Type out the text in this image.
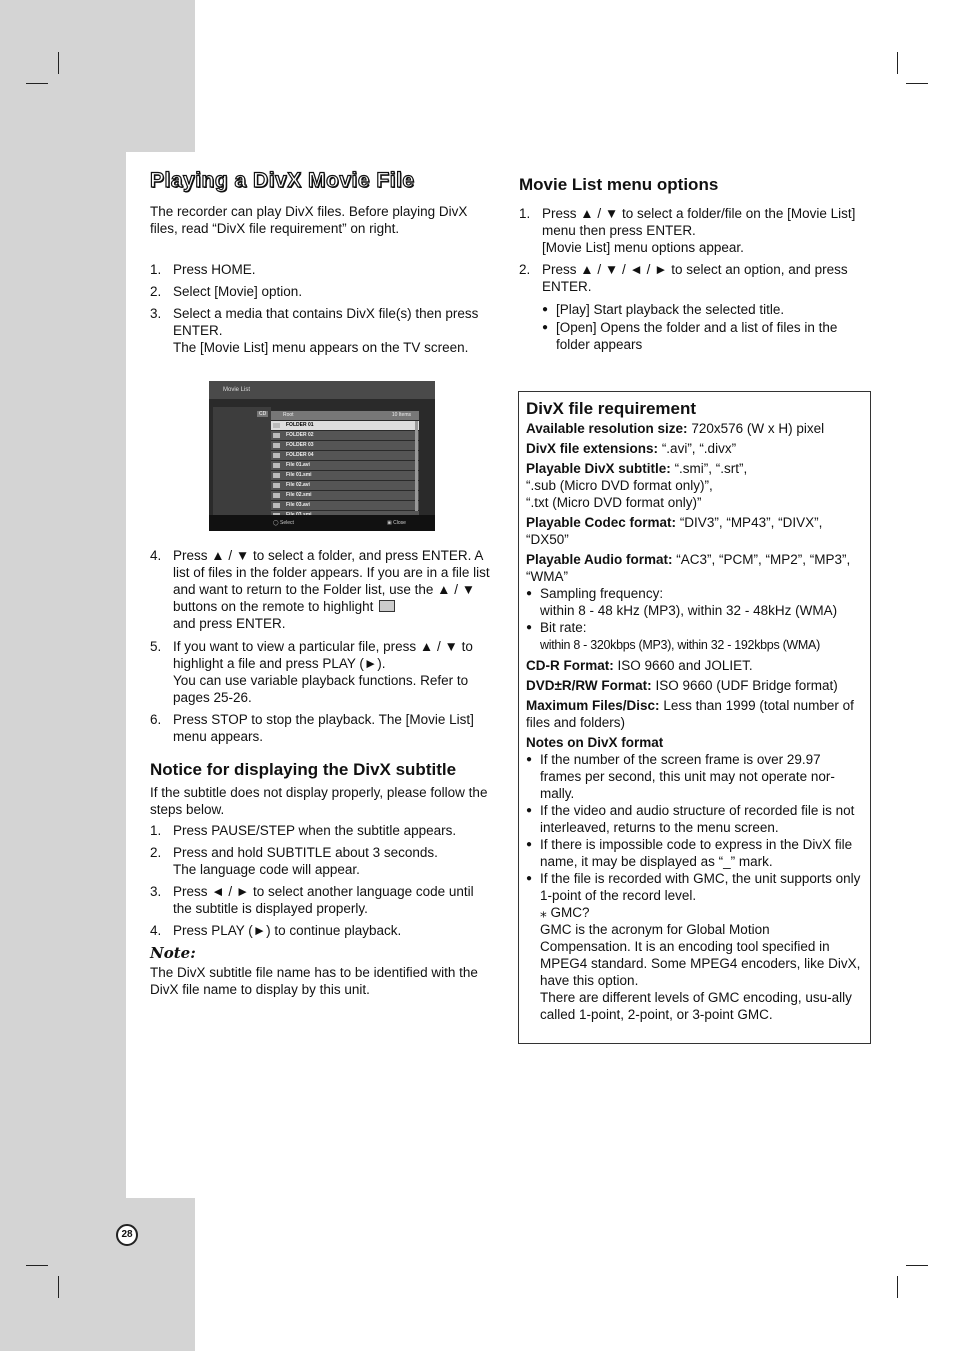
Playing a DivX Movie File

The recorder can play DivX files. Before playing DivX files, read “DivX file requirement” on right.

1. Press HOME.
2. Select [Movie] option.
3. Select a media that contains DivX file(s) then press ENTER.
The [Movie List] menu appears on the TV screen.
Movie List
CD	Root	10 Items
FOLDER 01
FOLDER 02
FOLDER 03
FOLDER 04
File 01.avi
File 01.smi
File 02.avi
File 02.smi
File 03.avi
◯ Select	▣ Close
4. Press ▲ / ▼ to select a folder, and press ENTER. A list of files in the folder appears. If you are in a file list and want to return to the Folder list, use the ▲ / ▼ buttons on the remote to highlight
and press ENTER.
5. If you want to view a particular file, press ▲ / ▼ to highlight a file and press PLAY (►).
You can use variable playback functions. Refer to pages 25-26.
6. Press STOP to stop the playback. The [Movie List] menu appears.
Notice for displaying the DivX subtitle

If the subtitle does not display properly, please follow the steps below.

1. Press PAUSE/STEP when the subtitle appears.
2. Press and hold SUBTITLE about 3 seconds.
The language code will appear.
3. Press ◄ / ► to select another language code until the subtitle is displayed properly.
4. Press PLAY (►) to continue playback.
Note:
The DivX subtitle file name has to be identified with the DivX file name to display by this unit.
Movie List menu options
1. Press ▲ / ▼ to select a folder/file on the [Movie List] menu then press ENTER.
[Movie List] menu options appear.
2. Press ▲ / ▼ / ◄ / ► to select an option, and press ENTER.
● [Play] Start playback the selected title.
● [Open] Opens the folder and a list of files in the folder appears
DivX file requirement
Available resolution size: 720x576 (W x H) pixel
DivX file extensions: “.avi”, “.divx”
Playable DivX subtitle: “.smi”, “.srt”,
“.sub (Micro DVD format only)”,
“.txt (Micro DVD format only)”
Playable Codec format: “DIV3”, “MP43”, “DIVX”, “DX50”
Playable Audio format: “AC3”, “PCM”, “MP2”, “MP3”, “WMA”
● Sampling frequency:
within 8 - 48 kHz (MP3), within 32 - 48kHz (WMA)
● Bit rate:
within 8 - 320kbps (MP3), within 32 - 192kbps (WMA)
CD-R Format: ISO 9660 and JOLIET.
DVD±R/RW Format: ISO 9660 (UDF Bridge format)
Maximum Files/Disc: Less than 1999 (total number of files and folders)
Notes on DivX format
● If the number of the screen frame is over 29.97 frames per second, this unit may not operate nor-mally.
● If the video and audio structure of recorded file is not interleaved, returns to the menu screen.
● If there is impossible code to express in the DivX file name, it may be displayed as “_” mark.
● If the file is recorded with GMC, the unit supports only 1-point of the record level.
⁎ GMC?
GMC is the acronym for Global Motion Compensation. It is an encoding tool specified in MPEG4 standard. Some MPEG4 encoders, like DivX, have this option.
There are different levels of GMC encoding, usu-ally called 1-point, 2-point, or 3-point GMC.
28
